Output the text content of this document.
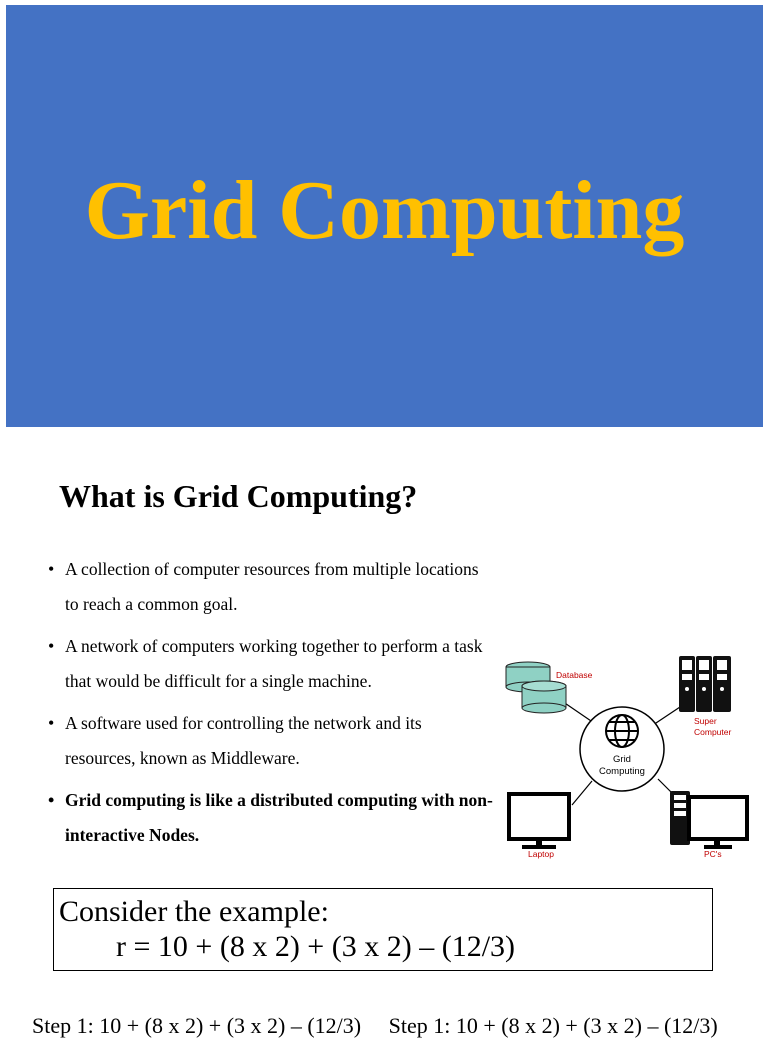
Grid Computing
What is Grid Computing?
• A collection of computer resources from multiple locations to reach a common goal.
• A network of computers working together to perform a task that would be difficult for a single machine.
• A software used for controlling the network and its resources, known as Middleware.
• Grid computing is like a distributed computing with non-interactive Nodes.
Database
Super
Computer
Grid
Computing
Laptop	PC's
Consider the example:
r = 10 + (8 x 2) + (3 x 2) – (12/3)
Step 1: 10 + (8 x 2) + (3 x 2) – (12/3) Step 1: 10 + (8 x 2) + (3 x 2) – (12/3)
